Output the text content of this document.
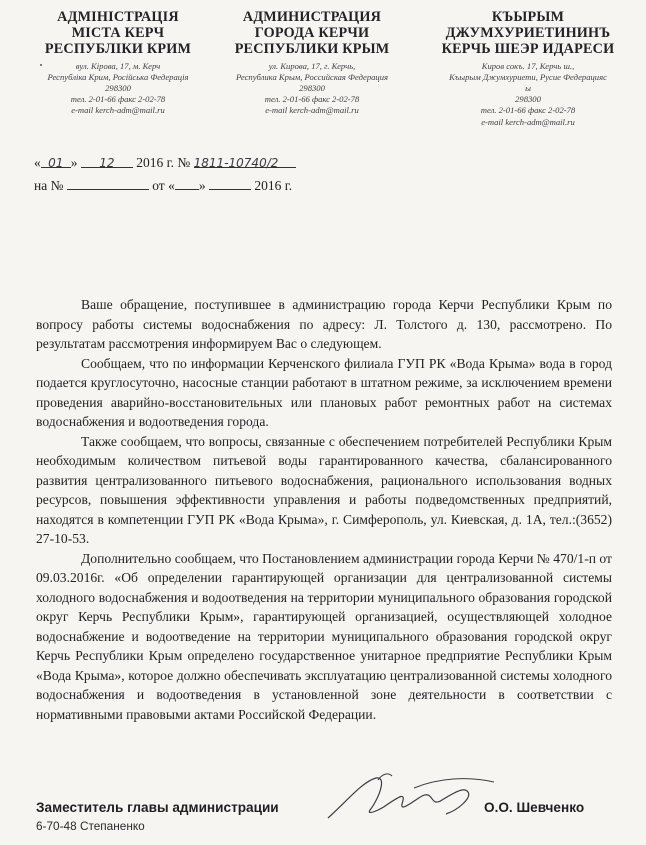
АДМІНІСТРАЦІЯ
МІСТА КЕРЧ
РЕСПУБЛІКИ КРИМ
вул. Кірова, 17, м. Керч
Республіка Крим, Російська Федерація
298300
тел. 2-01-66 факс 2-02-78
e-mail kerch-adm@mail.ru
АДМИНИСТРАЦИЯ
ГОРОДА КЕРЧИ
РЕСПУБЛИКИ КРЫМ
ул. Кирова, 17, г. Керчь,
Республика Крым, Российская Федерация
298300
тел. 2-01-66 факс 2-02-78
e-mail kerch-adm@mail.ru
КЪЫРЫМ
ДЖУМХУРИЕТИНИНЪ
КЕРЧЬ ШЕЭР ИДАРЕСИ
Киров сокъ. 17, Керчь ш.,
Къырым Джумхуриети, Русие Федерацияс
ы
298300
тел. 2-01-66 факс 2-02-78
e-mail kerch-adm@mail.ru
« 01 » 12 2016 г. № 1811-10740/2
на №	от « »	2016 г.

Ваше обращение, поступившее в администрацию города Керчи Республики Крым по вопросу работы системы водоснабжения по адресу: Л. Толстого д. 130, рассмотрено. По результатам рассмотрения информируем Вас о следующем.

Сообщаем, что по информации Керченского филиала ГУП РК «Вода Крыма» вода в город подается круглосуточно, насосные станции работают в штатном режиме, за исключением времени проведения аварийно-восстановительных или плановых работ ремонтных работ на системах водоснабжения и водоотведения города.

Также сообщаем, что вопросы, связанные с обеспечением потребителей Республики Крым необходимым количеством питьевой воды гарантированного качества, сбалансированного развития централизованного питьевого водоснабжения, рационального использования водных ресурсов, повышения эффективности управления и работы подведомственных предприятий, находятся в компетенции ГУП РК «Вода Крыма», г. Симферополь, ул. Киевская, д. 1А, тел.:(3652) 27-10-53.

Дополнительно сообщаем, что Постановлением администрации города Керчи № 470/1-п от 09.03.2016г. «Об определении гарантирующей организации для централизованной системы холодного водоснабжения и водоотведения на территории муниципального образования городской округ Керчь Республики Крым», гарантирующей организацией, осуществляющей холодное водоснабжение и водоотведение на территории муниципального образования городской округ Керчь Республики Крым определено государственное унитарное предприятие Республики Крым «Вода Крыма», которое должно обеспечивать эксплуатацию централизованной системы холодного водоснабжения и водоотведения в установленной зоне деятельности в соответствии с нормативными правовыми актами Российской Федерации.

Заместитель главы администрации	О.О. Шевченко
6-70-48 Степаненко
